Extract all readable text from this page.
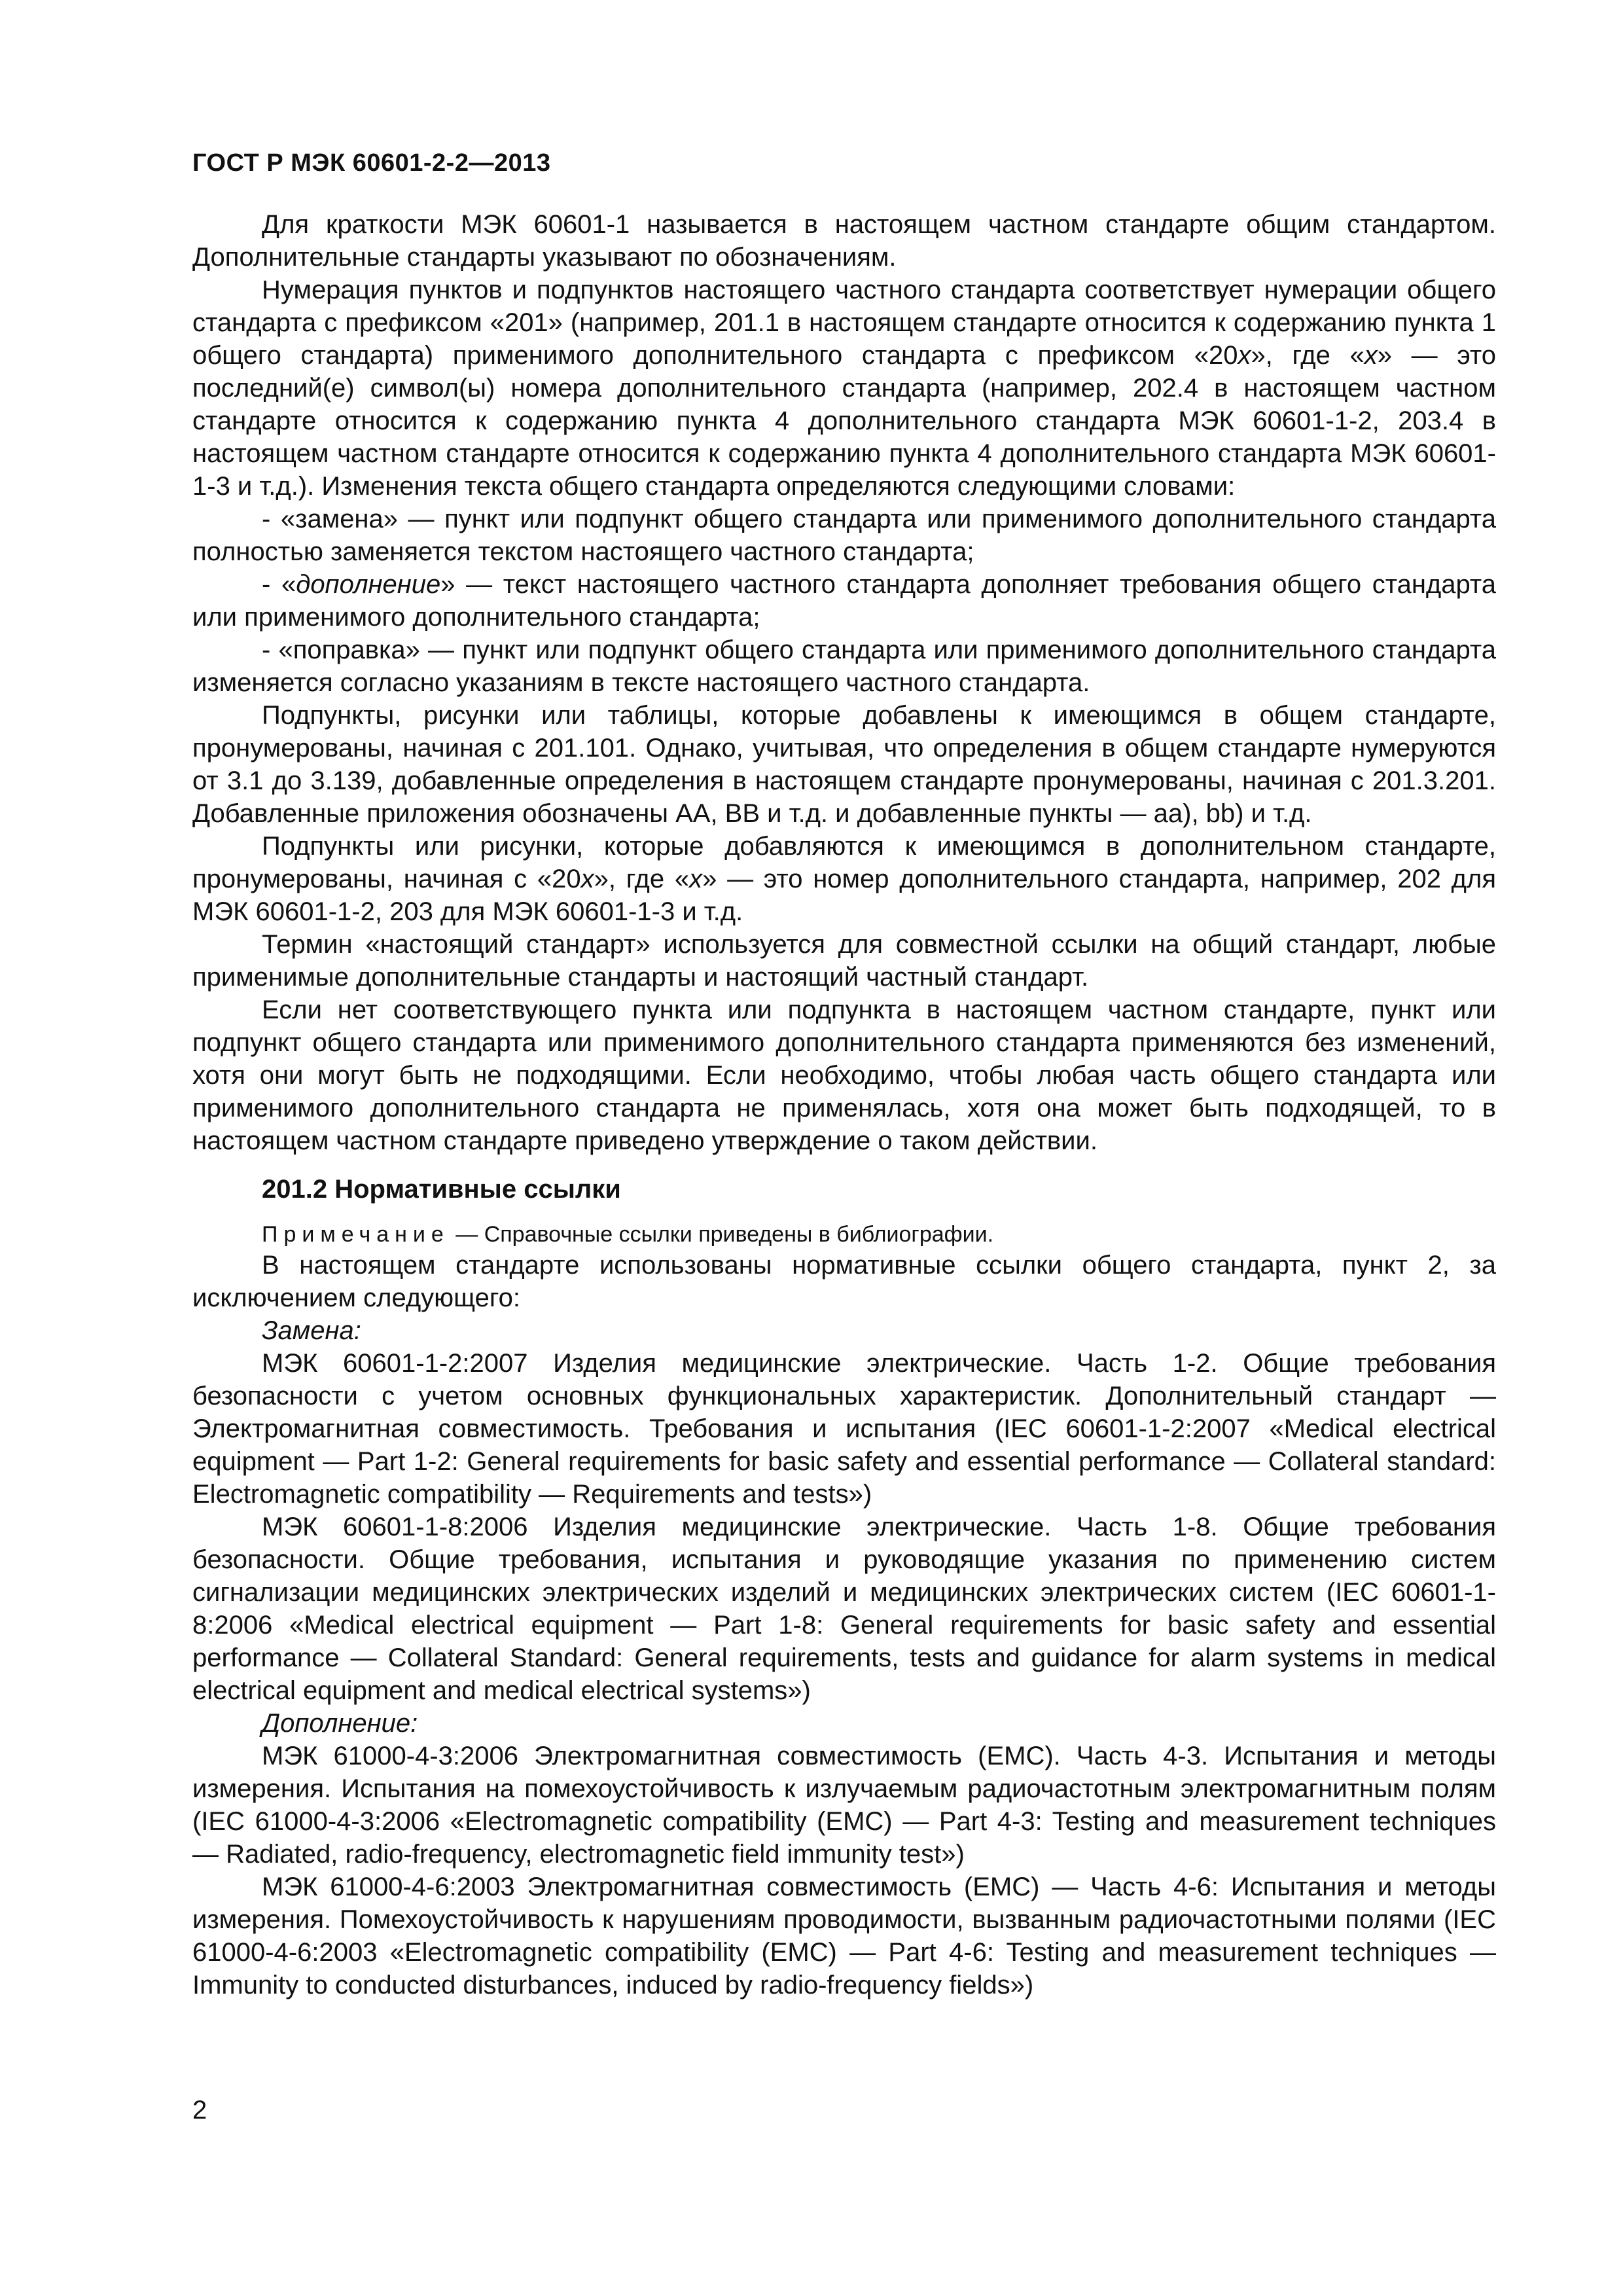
ГОСТ Р МЭК 60601-2-2—2013

Для краткости МЭК 60601-1 называется в настоящем частном стандарте общим стандартом. Дополнительные стандарты указывают по обозначениям.

Нумерация пунктов и подпунктов настоящего частного стандарта соответствует нумерации общего стандарта с префиксом «201» (например, 201.1 в настоящем стандарте относится к содержанию пункта 1 общего стандарта) применимого дополнительного стандарта с префиксом «20x», где «x» — это последний(е) символ(ы) номера дополнительного стандарта (например, 202.4 в настоящем частном стандарте относится к содержанию пункта 4 дополнительного стандарта МЭК 60601-1-2, 203.4 в настоящем частном стандарте относится к содержанию пункта 4 дополнительного стандарта МЭК 60601-1-3 и т.д.). Изменения текста общего стандарта определяются следующими словами:

- «замена» — пункт или подпункт общего стандарта или применимого дополнительного стандарта полностью заменяется текстом настоящего частного стандарта;

- «дополнение» — текст настоящего частного стандарта дополняет требования общего стандарта или применимого дополнительного стандарта;

- «поправка» — пункт или подпункт общего стандарта или применимого дополнительного стандарта изменяется согласно указаниям в тексте настоящего частного стандарта.

Подпункты, рисунки или таблицы, которые добавлены к имеющимся в общем стандарте, пронумерованы, начиная с 201.101. Однако, учитывая, что определения в общем стандарте нумеруются от 3.1 до 3.139, добавленные определения в настоящем стандарте пронумерованы, начиная с 201.3.201. Добавленные приложения обозначены АА, ВВ и т.д. и добавленные пункты — aa), bb) и т.д.

Подпункты или рисунки, которые добавляются к имеющимся в дополнительном стандарте, пронумерованы, начиная с «20x», где «x» — это номер дополнительного стандарта, например, 202 для МЭК 60601-1-2, 203 для МЭК 60601-1-3 и т.д.

Термин «настоящий стандарт» используется для совместной ссылки на общий стандарт, любые применимые дополнительные стандарты и настоящий частный стандарт.

Если нет соответствующего пункта или подпункта в настоящем частном стандарте, пункт или подпункт общего стандарта или применимого дополнительного стандарта применяются без изменений, хотя они могут быть не подходящими. Если необходимо, чтобы любая часть общего стандарта или применимого дополнительного стандарта не применялась, хотя она может быть подходящей, то в настоящем частном стандарте приведено утверждение о таком действии.

201.2 Нормативные ссылки

Примечание — Справочные ссылки приведены в библиографии.

В настоящем стандарте использованы нормативные ссылки общего стандарта, пункт 2, за исключением следующего:

Замена:

МЭК 60601-1-2:2007 Изделия медицинские электрические. Часть 1-2. Общие требования безопасности с учетом основных функциональных характеристик. Дополнительный стандарт — Электромагнитная совместимость. Требования и испытания (IEC 60601-1-2:2007 «Medical electrical equipment — Part 1-2: General requirements for basic safety and essential performance — Collateral standard: Electromagnetic compatibility — Requirements and tests»)

МЭК 60601-1-8:2006 Изделия медицинские электрические. Часть 1-8. Общие требования безопасности. Общие требования, испытания и руководящие указания по применению систем сигнализации медицинских электрических изделий и медицинских электрических систем (IEC 60601-1-8:2006 «Medical electrical equipment — Part 1-8: General requirements for basic safety and essential performance — Collateral Standard: General requirements, tests and guidance for alarm systems in medical electrical equipment and medical electrical systems»)

Дополнение:

МЭК 61000-4-3:2006 Электромагнитная совместимость (ЕМС). Часть 4-3. Испытания и методы измерения. Испытания на помехоустойчивость к излучаемым радиочастотным электромагнитным полям (IEC 61000-4-3:2006 «Electromagnetic compatibility (EMC) — Part 4-3: Testing and measurement techniques — Radiated, radio-frequency, electromagnetic field immunity test»)

МЭК 61000-4-6:2003 Электромагнитная совместимость (ЕМС) — Часть 4-6: Испытания и методы измерения. Помехоустойчивость к нарушениям проводимости, вызванным радиочастотными полями (IEC 61000-4-6:2003 «Electromagnetic compatibility (EMC) — Part 4-6: Testing and measurement techniques — Immunity to conducted disturbances, induced by radio-frequency fields»)

2
